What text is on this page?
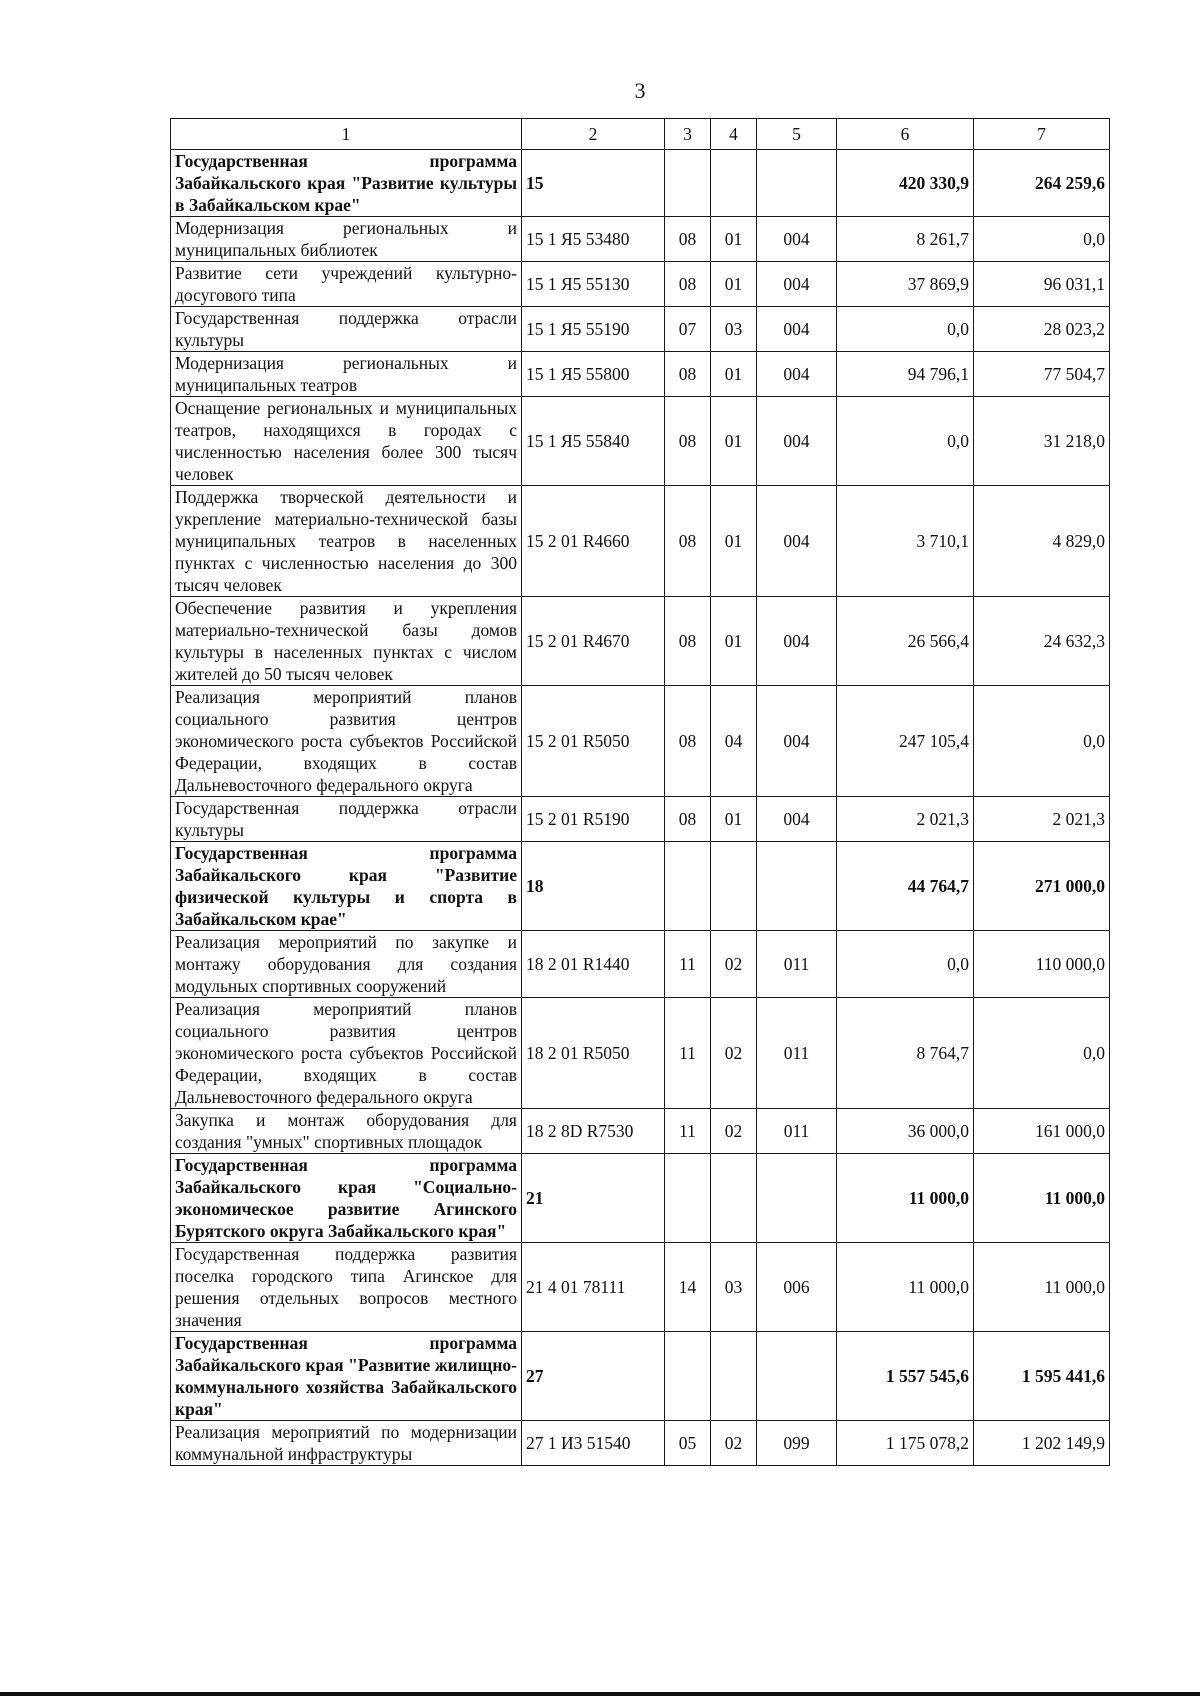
3
1	2	3	4	5	6	7
Государственная программа Забайкальского края "Развитие культуры в Забайкальском крае"	15				420 330,9	264 259,6
Модернизация региональных и муниципальных библиотек	15 1 Я5 53480	08	01	004	8 261,7	0,0
Развитие сети учреждений культурно-досугового типа	15 1 Я5 55130	08	01	004	37 869,9	96 031,1
Государственная поддержка отрасли культуры	15 1 Я5 55190	07	03	004	0,0	28 023,2
Модернизация региональных и муниципальных театров	15 1 Я5 55800	08	01	004	94 796,1	77 504,7
Оснащение региональных и муниципальных театров, находящихся в городах с численностью населения более 300 тысяч человек	15 1 Я5 55840	08	01	004	0,0	31 218,0
Поддержка творческой деятельности и укрепление материально-технической базы муниципальных театров в населенных пунктах с численностью населения до 300 тысяч человек	15 2 01 R4660	08	01	004	3 710,1	4 829,0
Обеспечение развития и укрепления материально-технической базы домов культуры в населенных пунктах с числом жителей до 50 тысяч человек	15 2 01 R4670	08	01	004	26 566,4	24 632,3
Реализация мероприятий планов социального развития центров экономического роста субъектов Российской Федерации, входящих в состав Дальневосточного федерального округа	15 2 01 R5050	08	04	004	247 105,4	0,0
Государственная поддержка отрасли культуры	15 2 01 R5190	08	01	004	2 021,3	2 021,3
Государственная программа Забайкальского края "Развитие физической культуры и спорта в Забайкальском крае"	18				44 764,7	271 000,0
Реализация мероприятий по закупке и монтажу оборудования для создания модульных спортивных сооружений	18 2 01 R1440	11	02	011	0,0	110 000,0
Реализация мероприятий планов социального развития центров экономического роста субъектов Российской Федерации, входящих в состав Дальневосточного федерального округа	18 2 01 R5050	11	02	011	8 764,7	0,0
Закупка и монтаж оборудования для создания "умных" спортивных площадок	18 2 8D R7530	11	02	011	36 000,0	161 000,0
Государственная программа Забайкальского края "Социально-экономическое развитие Агинского Бурятского округа Забайкальского края"	21				11 000,0	11 000,0
Государственная поддержка развития поселка городского типа Агинское для решения отдельных вопросов местного значения	21 4 01 78111	14	03	006	11 000,0	11 000,0
Государственная программа Забайкальского края "Развитие жилищно-коммунального хозяйства Забайкальского края"	27				1 557 545,6	1 595 441,6
Реализация мероприятий по модернизации коммунальной инфраструктуры	27 1 И3 51540	05	02	099	1 175 078,2	1 202 149,9
